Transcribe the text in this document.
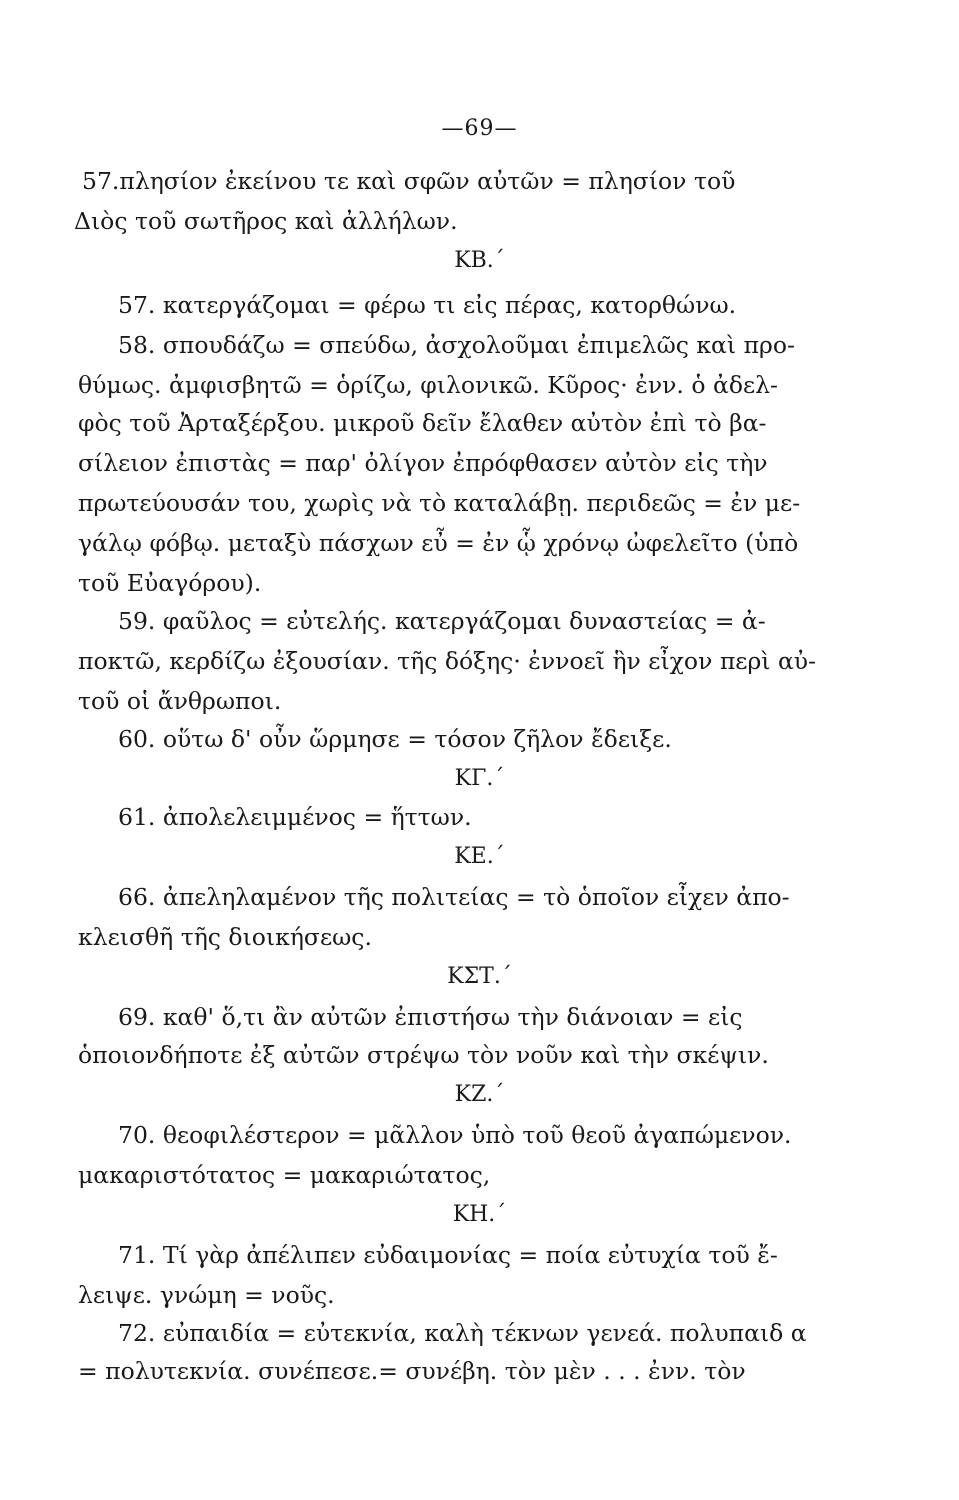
—69—
57.πλησίον ἐκείνου τε καὶ σφῶν αὐτῶν = πλησίον τοῦ
Διὸς τοῦ σωτῆρος καὶ ἀλλήλων.
ΚΒ.΄
57. κατεργάζομαι = φέρω τι εἰς πέρας, κατορθώνω.
58. σπουδάζω = σπεύδω, ἀσχολοῦμαι ἐπιμελῶς καὶ προ-
θύμως. ἀμφισβητῶ = ὁρίζω, φιλονικῶ. Κῦρος· ἐνν. ὁ ἀδελ-
φὸς τοῦ Ἀρταξέρξου. μικροῦ δεῖν ἔλαθεν αὐτὸν ἐπὶ τὸ βα-
σίλειον ἐπιστὰς = παρ' ὀλίγον ἐπρόφθασεν αὐτὸν εἰς τὴν
πρωτεύουσάν του, χωρὶς νὰ τὸ καταλάβῃ. περιδεῶς = ἐν με-
γάλῳ φόβῳ. μεταξὺ πάσχων εὖ = ἐν ᾧ χρόνῳ ὠφελεῖτο (ὑπὸ
τοῦ Εὐαγόρου).
59. φαῦλος = εὐτελής. κατεργάζομαι δυναστείας = ἀ-
ποκτῶ, κερδίζω ἐξουσίαν. τῆς δόξης· ἐννοεῖ ἣν εἶχον περὶ αὐ-
τοῦ οἱ ἄνθρωποι.
60. οὕτω δ' οὖν ὥρμησε = τόσον ζῆλον ἔδειξε.
ΚΓ.΄
61. ἀπολελειμμένος = ἥττων.
ΚΕ.΄
66. ἀπεληλαμένον τῆς πολιτείας = τὸ ὁποῖον εἶχεν ἀπο-
κλεισθῆ τῆς διοικήσεως.
ΚΣΤ.΄
69. καθ' ὅ,τι ἂν αὐτῶν ἐπιστήσω τὴν διάνοιαν = εἰς
ὁποιονδήποτε ἐξ αὐτῶν στρέψω τὸν νοῦν καὶ τὴν σκέψιν.
ΚΖ.΄
70. θεοφιλέστερον = μᾶλλον ὑπὸ τοῦ θεοῦ ἀγαπώμενον.
μακαριστότατος = μακαριώτατος,
ΚΗ.΄
71. Τί γὰρ ἀπέλιπεν εὐδαιμονίας = ποία εὐτυχία τοῦ ἔ-
λειψε. γνώμη = νοῦς.
72. εὐπαιδία = εὐτεκνία, καλὴ τέκνων γενεά. πολυπαιδ α
= πολυτεκνία. συνέπεσε.= συνέβη. τὸν μὲν . . . ἐνν. τὸν
